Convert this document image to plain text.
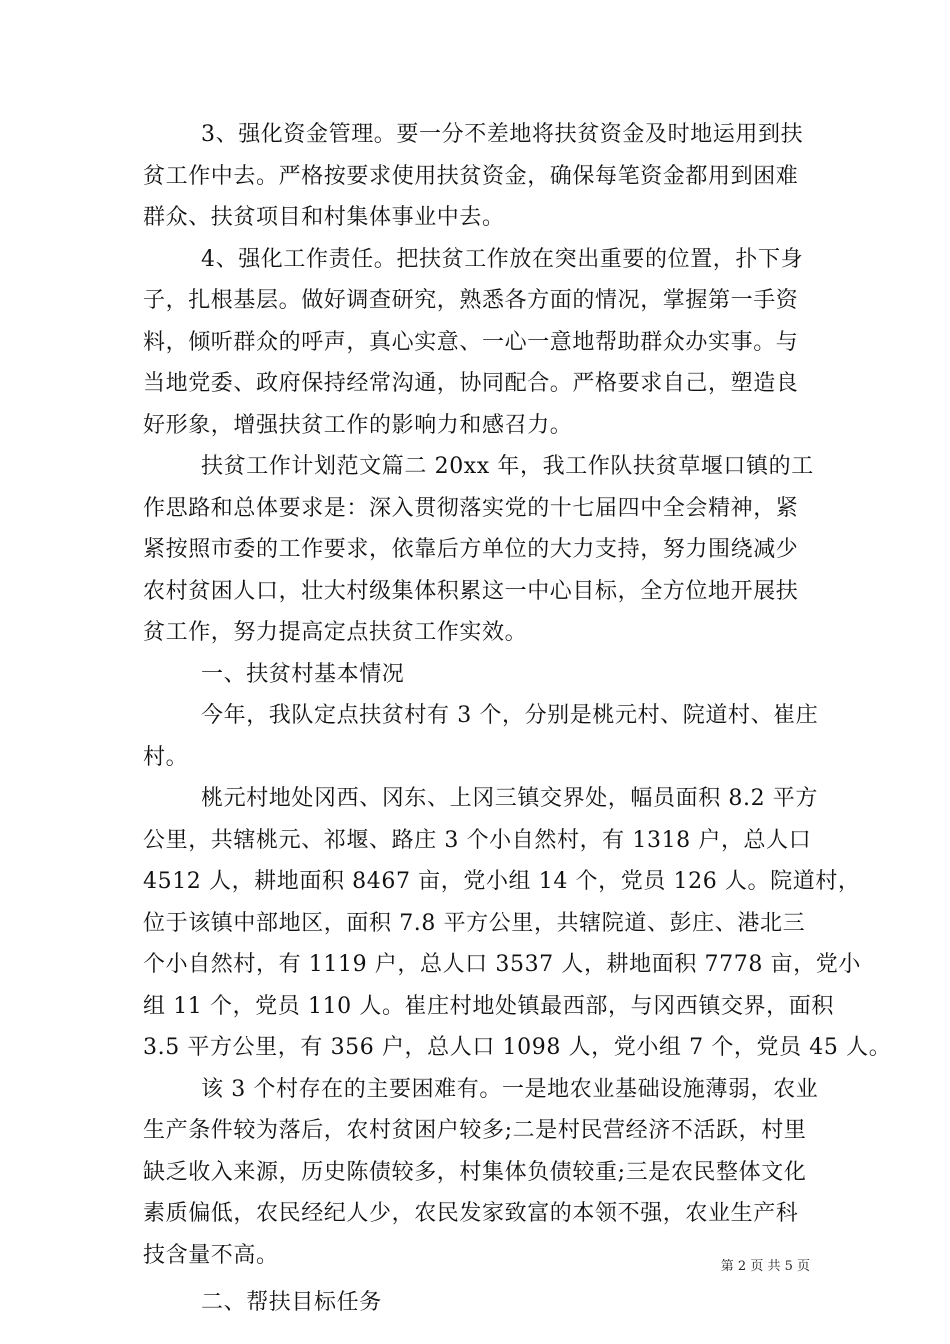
3、强化资金管理。要一分不差地将扶贫资金及时地运用到扶
贫工作中去。严格按要求使用扶贫资金，确保每笔资金都用到困难
群众、扶贫项目和村集体事业中去。
4、强化工作责任。把扶贫工作放在突出重要的位置，扑下身
子，扎根基层。做好调查研究，熟悉各方面的情况，掌握第一手资
料，倾听群众的呼声，真心实意、一心一意地帮助群众办实事。与
当地党委、政府保持经常沟通，协同配合。严格要求自己，塑造良
好形象，增强扶贫工作的影响力和感召力。
扶贫工作计划范文篇二 20xx 年，我工作队扶贫草堰口镇的工
作思路和总体要求是：深入贯彻落实党的十七届四中全会精神，紧
紧按照市委的工作要求，依靠后方单位的大力支持，努力围绕减少
农村贫困人口，壮大村级集体积累这一中心目标，全方位地开展扶
贫工作，努力提高定点扶贫工作实效。
一、扶贫村基本情况
今年，我队定点扶贫村有 3 个，分别是桃元村、院道村、崔庄
村。
桃元村地处冈西、冈东、上冈三镇交界处，幅员面积 8.2 平方
公里，共辖桃元、祁堰、路庄 3 个小自然村，有 1318 户，总人口
4512 人，耕地面积 8467 亩，党小组 14 个，党员 126 人。院道村，
位于该镇中部地区，面积 7.8 平方公里，共辖院道、彭庄、港北三
个小自然村，有 1119 户，总人口 3537 人，耕地面积 7778 亩，党小
组 11 个，党员 110 人。崔庄村地处镇最西部，与冈西镇交界，面积
3.5 平方公里，有 356 户，总人口 1098 人，党小组 7 个，党员 45 人。
该 3 个村存在的主要困难有。一是地农业基础设施薄弱，农业
生产条件较为落后，农村贫困户较多;二是村民营经济不活跃，村里
缺乏收入来源，历史陈债较多，村集体负债较重;三是农民整体文化
素质偏低，农民经纪人少，农民发家致富的本领不强，农业生产科
技含量不高。
二、帮扶目标任务
第 2 页 共 5 页
